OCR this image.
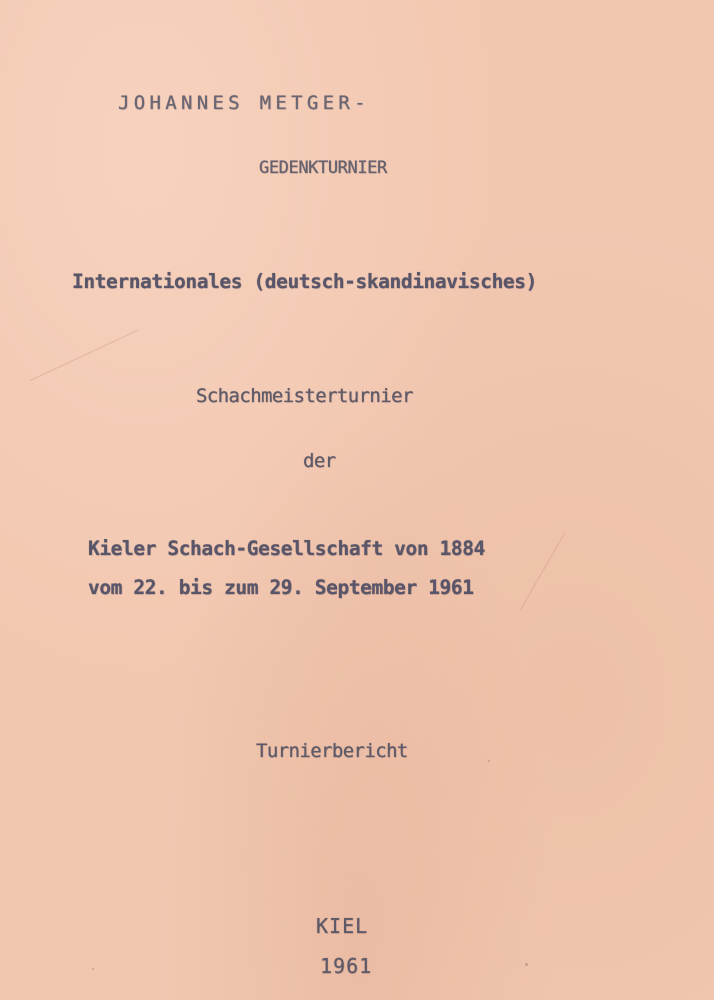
JOHANNES METGER-

GEDENKTURNIER

Internationales (deutsch-skandinavisches)

Schachmeisterturnier

der

Kieler Schach-Gesellschaft von 1884

vom 22. bis zum 29. September 1961

Turnierbericht

KIEL

1961
